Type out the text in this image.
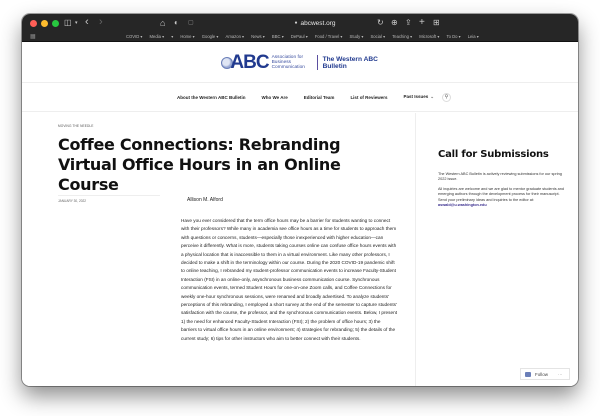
◫ ▾ ‹ ›	⌂ ◐ ▢	● abcwest.org	↻ ⊕ ⇪ + ⊞
▦	COVID ▾ Media ▾ ▾ Home ▾ Google ▾ Amazon ▾ News ▾ BBC ▾ DePaul ▾ Food / Travel ▾ Study ▾ Social ▾ Teaching ▾ Microsoft ▾ To Do ▾ Leia ▾
ABC Association for Business Communication
The Western ABC Bulletin
About the Western ABC Bulletin	Who We Are	Editorial Team	List of Reviewers	Past Issues ⌄	⚲
MOVING THE NEEDLE
Coffee Connections: Rebranding Virtual Office Hours in an Online Course
JANUARY 30, 2022	Allison M. Alford

Have you ever considered that the term office hours may be a barrier for students wanting to connect with their professors? While many in academia see office hours as a time for students to approach them with questions or concerns, students—especially those inexperienced with higher education—can perceive it differently. What is more, students taking courses online can confuse office hours events with a physical location that is inaccessible to them in a virtual environment. Like many other professors, I decided to make a shift in the terminology within our course. During the 2020 COVID-19 pandemic shift to online teaching, I rebranded my student-professor communication events to increase Faculty-Student Interaction (FSI) in an online-only, asynchronous business communication course. Synchronous communication events, termed Student Hours for one-on-one Zoom calls, and Coffee Connections for weekly one-hour synchronous sessions, were renamed and broadly advertised. To analyze students' perceptions of this rebranding, I employed a short survey at the end of the semester to capture students' satisfaction with the course, the professor, and the synchronous communication events. Below, I present 1) the need for enhanced Faculty-Student Interaction (FSI); 2) the problem of office hours; 3) the barriers to virtual office hours in an online environment; 4) strategies for rebranding; 5) the details of the current study; 6) tips for other instructors who aim to better connect with their students.

Call for Submissions

The Western ABC Bulletin is actively reviewing submissions for our spring 2022 issue.

All inquiries are welcome and we are glad to mentor graduate students and emerging authors through the development process for their manuscript. Send your preliminary ideas and inquiries to the editor at: aswald@u.washington.edu

Follow ···
